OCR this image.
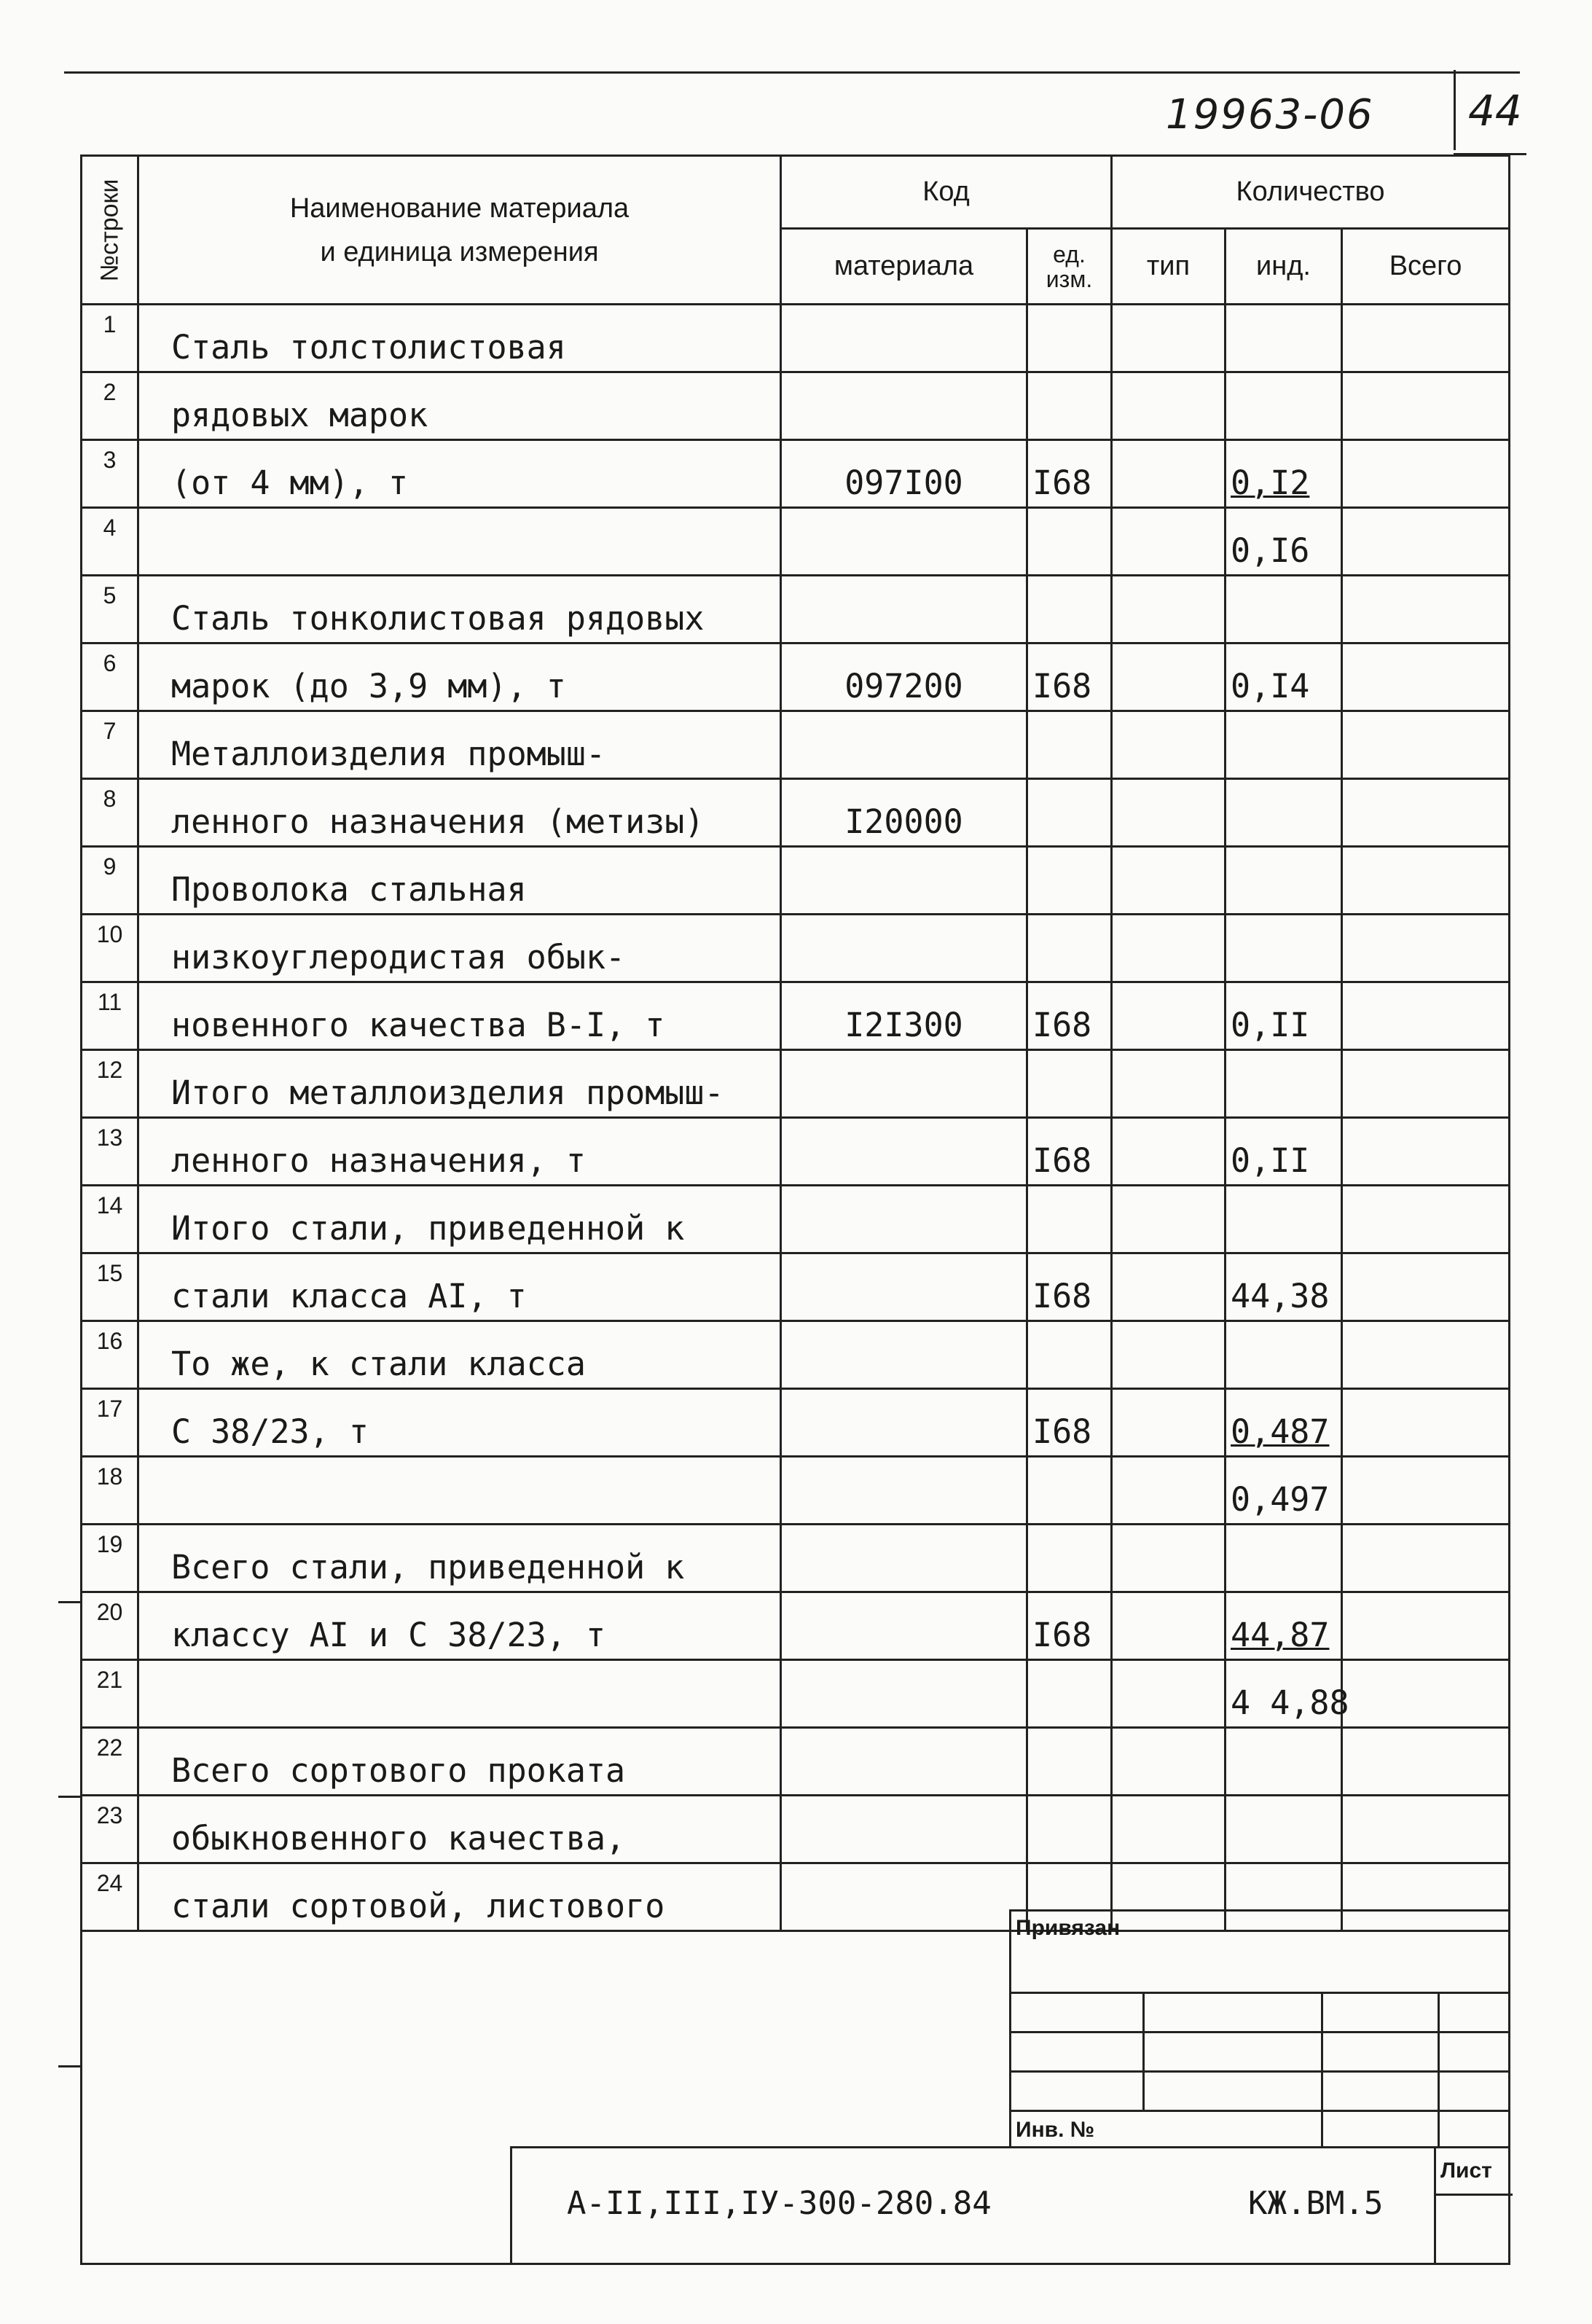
19963-06 44
№строки	Наименование материала
и единица измерения	Код		Количество		
		материала	ед. изм.	тип	инд.	Всего
1	Сталь толстолистовая					
2	рядовых марок					
3	(от 4 мм), т	097I00	I68		0,I2	
4					0,I6	
5	Сталь тонколистовая рядовых					
6	марок (до 3,9 мм), т	097200	I68		0,I4	
7	Металлоизделия промыш-					
8	ленного назначения (метизы)	I20000				
9	Проволока стальная					
10	низкоуглеродистая обык-					
11	новенного качества В-I, т	I2I300	I68		0,II	
12	Итого металлоизделия промыш-					
13	ленного назначения, т		I68		0,II	
14	Итого стали, приведенной к					
15	стали класса АI, т		I68		44,38	
16	То же, к стали класса					
17	С 38/23, т		I68		0,487	
18					0,497	
19	Всего стали, приведенной к					
20	классу АI и С 38/23, т		I68		44,87	
21					4 4,88	
22	Всего сортового проката					
23	обыкновенного качества,					
24	стали сортовой, листового					
Привязан
Инв. №
А-II,III,IУ-300-280.84	КЖ.ВМ.5
Лист
